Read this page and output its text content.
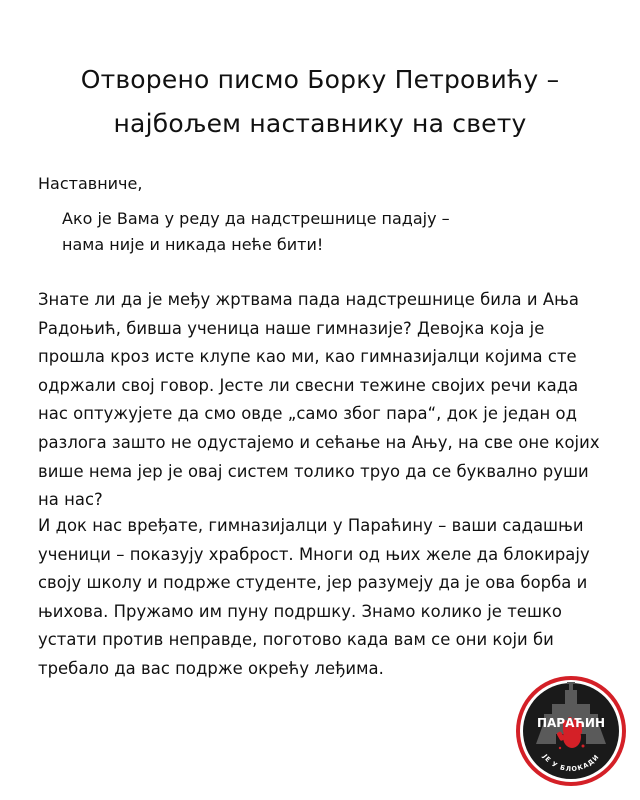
Отворено писмо Борку Петровићу –
најбољем наставнику на свету
Наставниче,
Ако је Вама у реду да надстрешнице падају –
нама није и никада неће бити!
Знате ли да је међу жртвама пада надстрешнице била и Ања
Радоњић, бивша ученица наше гимназије? Девојка која је
прошла кроз исте клупе као ми, као гимназијалци којима сте
одржали свој говор. Јесте ли свесни тежине својих речи када
нас оптужујете да смо овде „само због пара“, док је један од
разлога зашто не одустајемо и сећање на Ању, на све оне којих
више нема јер је овај систем толико труо да се буквално руши
на нас?
И док нас вређате, гимназијалци у Параћину – ваши садашњи
ученици – показују храброст. Многи од њих желе да блокирају
своју школу и подрже студенте, јер разумеју да је ова борба и
њихова. Пружамо им пуну подршку. Знамо колико је тешко
устати против неправде, поготово када вам се они који би
требало да вас подрже окрећу леђима.
ПАРАЋИН
ЈЕ У БЛОКАДИ
